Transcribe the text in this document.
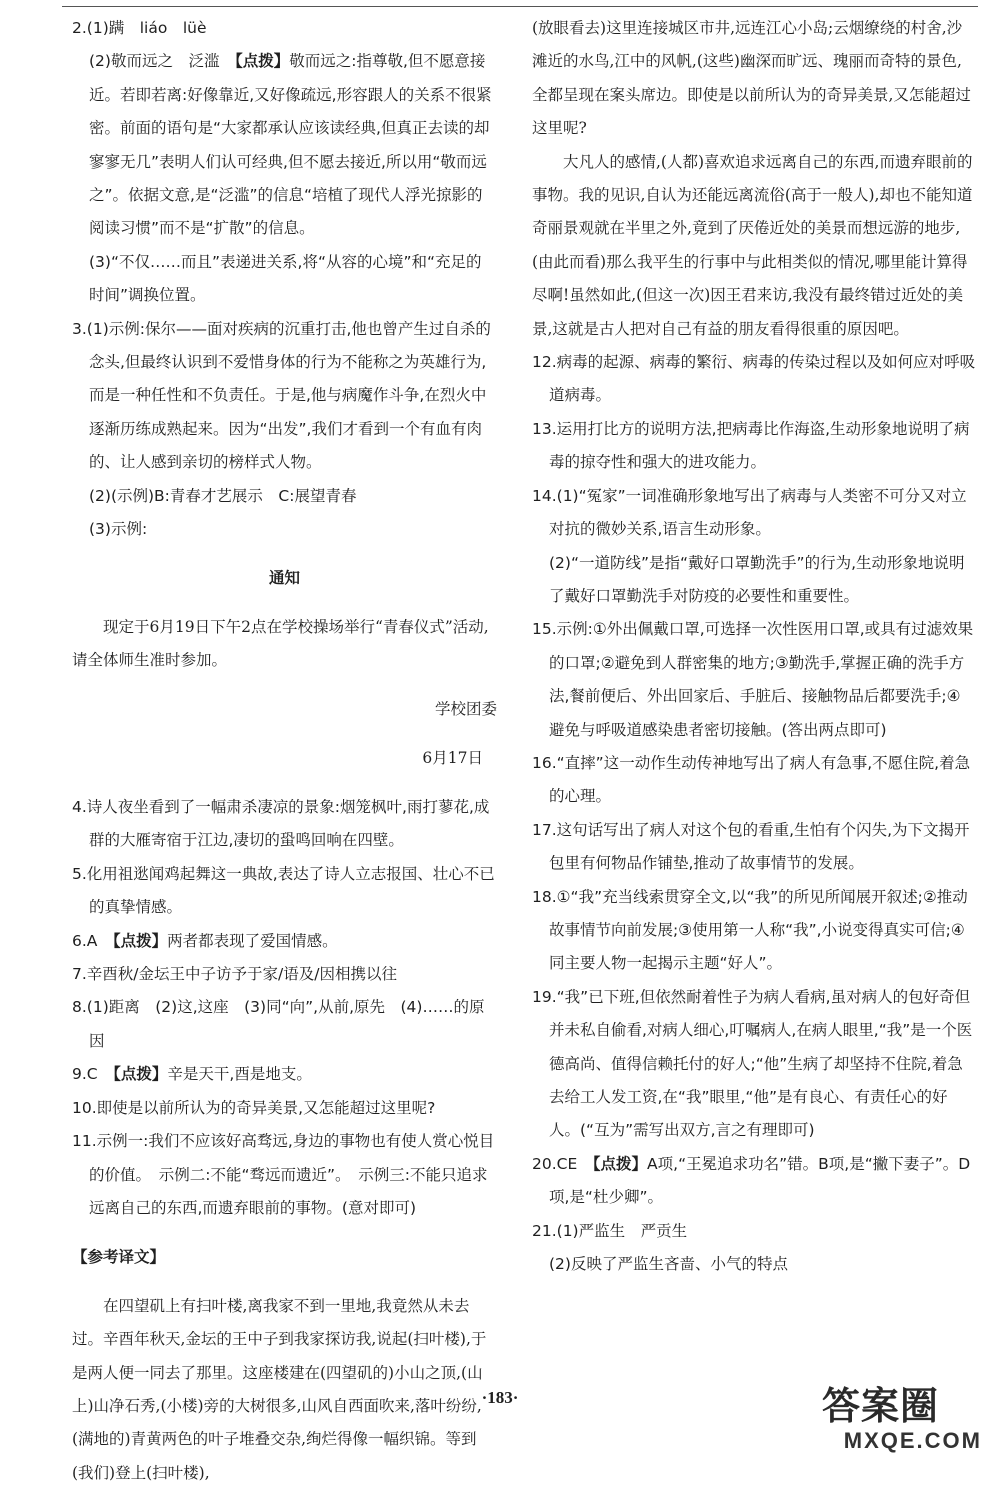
2.(1)蹒　liáo　lüè

(2)敬而远之　泛滥　【点拨】敬而远之:指尊敬,但不愿意接近。若即若离:好像靠近,又好像疏远,形容跟人的关系不很紧密。前面的语句是“大家都承认应该读经典,但真正去读的却寥寥无几”表明人们认可经典,但不愿去接近,所以用“敬而远之”。依据文意,是“泛滥”的信息“培植了现代人浮光掠影的阅读习惯”而不是“扩散”的信息。

(3)“不仅……而且”表递进关系,将“从容的心境”和“充足的时间”调换位置。

3.(1)示例:保尔——面对疾病的沉重打击,他也曾产生过自杀的念头,但最终认识到不爱惜身体的行为不能称之为英雄行为,而是一种任性和不负责任。于是,他与病魔作斗争,在烈火中逐渐历练成熟起来。因为“出发”,我们才看到一个有血有肉的、让人感到亲切的榜样式人物。

(2)(示例)B:青春才艺展示　C:展望青春

(3)示例:

通知

现定于6月19日下午2点在学校操场举行“青春仪式”活动,请全体师生准时参加。

学校团委

6月17日

4.诗人夜坐看到了一幅肃杀凄凉的景象:烟笼枫叶,雨打蓼花,成群的大雁寄宿于江边,凄切的蛩鸣回响在四壁。

5.化用祖逖闻鸡起舞这一典故,表达了诗人立志报国、壮心不已的真挚情感。

6.A　【点拨】两者都表现了爱国情感。

7.辛酉秋/金坛王中子访予于家/语及/因相携以往

8.(1)距离　(2)这,这座　(3)同“向”,从前,原先　(4)……的原因

9.C　【点拨】辛是天干,酉是地支。

10.即使是以前所认为的奇异美景,又怎能超过这里呢?

11.示例一:我们不应该好高骛远,身边的事物也有使人赏心悦目的价值。　示例二:不能“骛远而遗近”。　示例三:不能只追求远离自己的东西,而遗弃眼前的事物。(意对即可)

【参考译文】

在四望矶上有扫叶楼,离我家不到一里地,我竟然从未去过。辛酉年秋天,金坛的王中子到我家探访我,说起(扫叶楼),于是两人便一同去了那里。这座楼建在(四望矶的)小山之顶,(山上)山净石秀,(小楼)旁的大树很多,山风自西面吹来,落叶纷纷,(满地的)青黄两色的叶子堆叠交杂,绚烂得像一幅织锦。等到(我们)登上(扫叶楼),

(放眼看去)这里连接城区市井,远连江心小岛;云烟缭绕的村舍,沙滩近的水鸟,江中的风帆,(这些)幽深而旷远、瑰丽而奇特的景色,全都呈现在案头席边。即使是以前所认为的奇异美景,又怎能超过这里呢?

大凡人的感情,(人都)喜欢追求远离自己的东西,而遗弃眼前的事物。我的见识,自认为还能远离流俗(高于一般人),却也不能知道奇丽景观就在半里之外,竟到了厌倦近处的美景而想远游的地步,(由此而看)那么我平生的行事中与此相类似的情况,哪里能计算得尽啊!虽然如此,(但这一次)因王君来访,我没有最终错过近处的美景,这就是古人把对自己有益的朋友看得很重的原因吧。

12.病毒的起源、病毒的繁衍、病毒的传染过程以及如何应对呼吸道病毒。

13.运用打比方的说明方法,把病毒比作海盗,生动形象地说明了病毒的掠夺性和强大的进攻能力。

14.(1)“冤家”一词准确形象地写出了病毒与人类密不可分又对立对抗的微妙关系,语言生动形象。

(2)“一道防线”是指“戴好口罩勤洗手”的行为,生动形象地说明了戴好口罩勤洗手对防疫的必要性和重要性。

15.示例:①外出佩戴口罩,可选择一次性医用口罩,或具有过滤效果的口罩;②避免到人群密集的地方;③勤洗手,掌握正确的洗手方法,餐前便后、外出回家后、手脏后、接触物品后都要洗手;④避免与呼吸道感染患者密切接触。(答出两点即可)

16.“直摔”这一动作生动传神地写出了病人有急事,不愿住院,着急的心理。

17.这句话写出了病人对这个包的看重,生怕有个闪失,为下文揭开包里有何物品作铺垫,推动了故事情节的发展。

18.①“我”充当线索贯穿全文,以“我”的所见所闻展开叙述;②推动故事情节向前发展;③使用第一人称“我”,小说变得真实可信;④同主要人物一起揭示主题“好人”。

19.“我”已下班,但依然耐着性子为病人看病,虽对病人的包好奇但并未私自偷看,对病人细心,叮嘱病人,在病人眼里,“我”是一个医德高尚、值得信赖托付的好人;“他”生病了却坚持不住院,着急去给工人发工资,在“我”眼里,“他”是有良心、有责任心的好人。(“互为”需写出双方,言之有理即可)

20.CE　【点拨】A项,“王冕追求功名”错。B项,是“撇下妻子”。D项,是“杜少卿”。

21.(1)严监生　严贡生

(2)反映了严监生吝啬、小气的特点

·183·	答案圈
MXQE.COM
